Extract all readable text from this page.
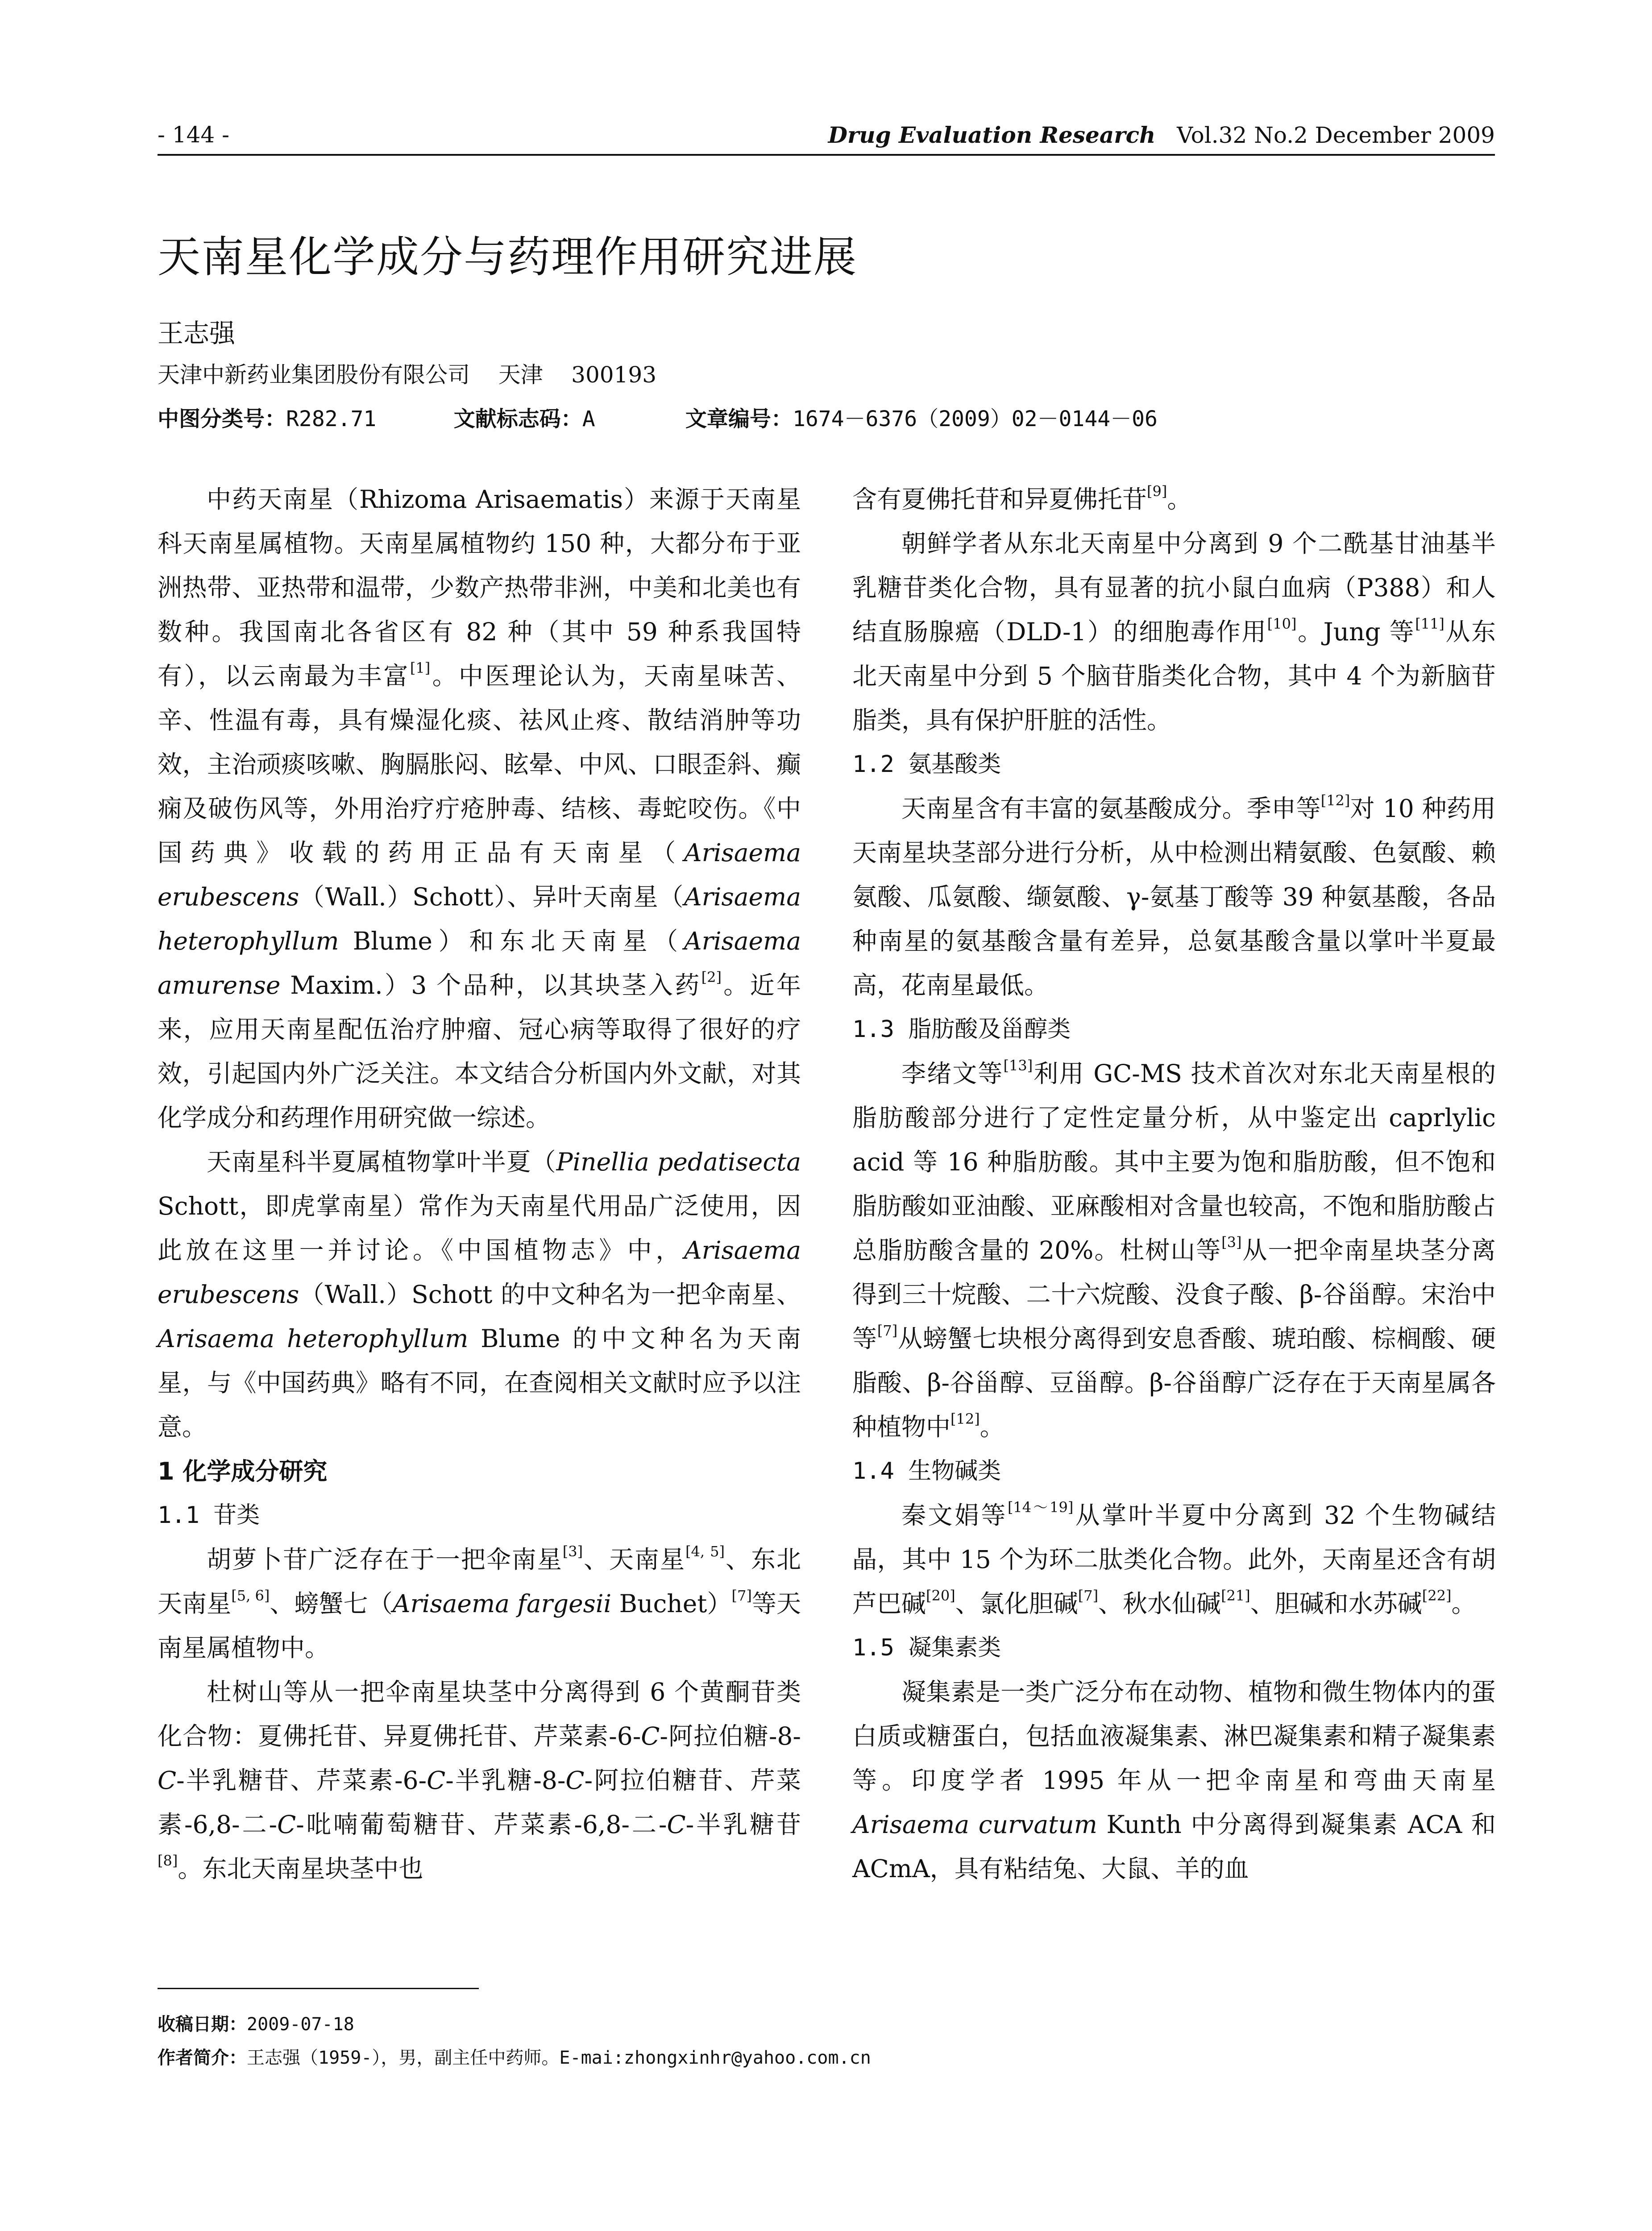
- 144 -	Drug Evaluation Research Vol.32 No.2 December 2009
天南星化学成分与药理作用研究进展
王志强
天津中新药业集团股份有限公司    天津    300193
中图分类号：R282.71	文献标志码：A	文章编号：1674－6376（2009）02－0144－06

中药天南星（Rhizoma Arisaematis）来源于天南星科天南星属植物。天南星属植物约 150 种，大都分布于亚洲热带、亚热带和温带，少数产热带非洲，中美和北美也有数种。我国南北各省区有 82 种（其中 59 种系我国特有），以云南最为丰富[1]。中医理论认为，天南星味苦、辛、性温有毒，具有燥湿化痰、祛风止疼、散结消肿等功效，主治顽痰咳嗽、胸膈胀闷、眩晕、中风、口眼歪斜、癫痫及破伤风等，外用治疗疔疮肿毒、结核、毒蛇咬伤。《中国药典》收载的药用正品有天南星（Arisaema erubescens（Wall.）Schott）、异叶天南星（Arisaema heterophyllum Blume）和东北天南星（Arisaema amurense Maxim.）3 个品种，以其块茎入药[2]。近年来，应用天南星配伍治疗肿瘤、冠心病等取得了很好的疗效，引起国内外广泛关注。本文结合分析国内外文献，对其化学成分和药理作用研究做一综述。

天南星科半夏属植物掌叶半夏（Pinellia pedatisecta Schott，即虎掌南星）常作为天南星代用品广泛使用，因此放在这里一并讨论。《中国植物志》中，Arisaema erubescens（Wall.）Schott 的中文种名为一把伞南星、Arisaema heterophyllum Blume 的中文种名为天南星，与《中国药典》略有不同，在查阅相关文献时应予以注意。

1 化学成分研究
1.1 苷类

胡萝卜苷广泛存在于一把伞南星[3]、天南星[4, 5]、东北天南星[5, 6]、螃蟹七（Arisaema fargesii Buchet）[7]等天南星属植物中。

杜树山等从一把伞南星块茎中分离得到 6 个黄酮苷类化合物：夏佛托苷、异夏佛托苷、芹菜素-6-C-阿拉伯糖-8-C-半乳糖苷、芹菜素-6-C-半乳糖-8-C-阿拉伯糖苷、芹菜素-6,8-二-C-吡喃葡萄糖苷、芹菜素-6,8-二-C-半乳糖苷[8]。东北天南星块茎中也

含有夏佛托苷和异夏佛托苷[9]。

朝鲜学者从东北天南星中分离到 9 个二酰基甘油基半乳糖苷类化合物，具有显著的抗小鼠白血病（P388）和人结直肠腺癌（DLD-1）的细胞毒作用[10]。Jung 等[11]从东北天南星中分到 5 个脑苷脂类化合物，其中 4 个为新脑苷脂类，具有保护肝脏的活性。

1.2 氨基酸类

天南星含有丰富的氨基酸成分。季申等[12]对 10 种药用天南星块茎部分进行分析，从中检测出精氨酸、色氨酸、赖氨酸、瓜氨酸、缬氨酸、γ-氨基丁酸等 39 种氨基酸，各品种南星的氨基酸含量有差异，总氨基酸含量以掌叶半夏最高，花南星最低。

1.3 脂肪酸及甾醇类

李绪文等[13]利用 GC-MS 技术首次对东北天南星根的脂肪酸部分进行了定性定量分析，从中鉴定出 caprlylic acid 等 16 种脂肪酸。其中主要为饱和脂肪酸，但不饱和脂肪酸如亚油酸、亚麻酸相对含量也较高，不饱和脂肪酸占总脂肪酸含量的 20%。杜树山等[3]从一把伞南星块茎分离得到三十烷酸、二十六烷酸、没食子酸、β-谷甾醇。宋治中等[7]从螃蟹七块根分离得到安息香酸、琥珀酸、棕榈酸、硬脂酸、β-谷甾醇、豆甾醇。β-谷甾醇广泛存在于天南星属各种植物中[12]。

1.4 生物碱类

秦文娟等[14～19]从掌叶半夏中分离到 32 个生物碱结晶，其中 15 个为环二肽类化合物。此外，天南星还含有胡芦巴碱[20]、氯化胆碱[7]、秋水仙碱[21]、胆碱和水苏碱[22]。

1.5 凝集素类

凝集素是一类广泛分布在动物、植物和微生物体内的蛋白质或糖蛋白，包括血液凝集素、淋巴凝集素和精子凝集素等。印度学者 1995 年从一把伞南星和弯曲天南星 Arisaema curvatum Kunth 中分离得到凝集素 ACA 和 ACmA，具有粘结兔、大鼠、羊的血

收稿日期：2009-07-18
作者简介：王志强（1959-），男，副主任中药师。E-mai:zhongxinhr@yahoo.com.cn
